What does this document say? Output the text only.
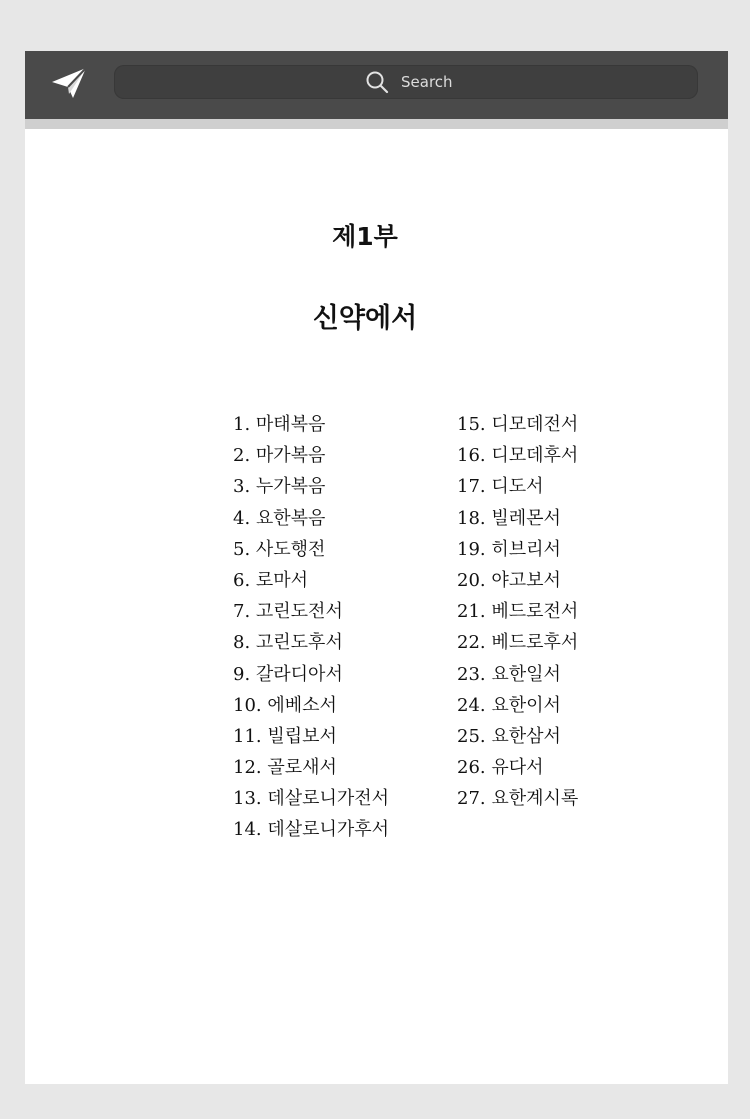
Search
제1부
신약에서
1. 마태복음
2. 마가복음
3. 누가복음
4. 요한복음
5. 사도행전
6. 로마서
7. 고린도전서
8. 고린도후서
9. 갈라디아서
10. 에베소서
11. 빌립보서
12. 골로새서
13. 데살로니가전서
14. 데살로니가후서
15. 디모데전서
16. 디모데후서
17. 디도서
18. 빌레몬서
19. 히브리서
20. 야고보서
21. 베드로전서
22. 베드로후서
23. 요한일서
24. 요한이서
25. 요한삼서
26. 유다서
27. 요한계시록
